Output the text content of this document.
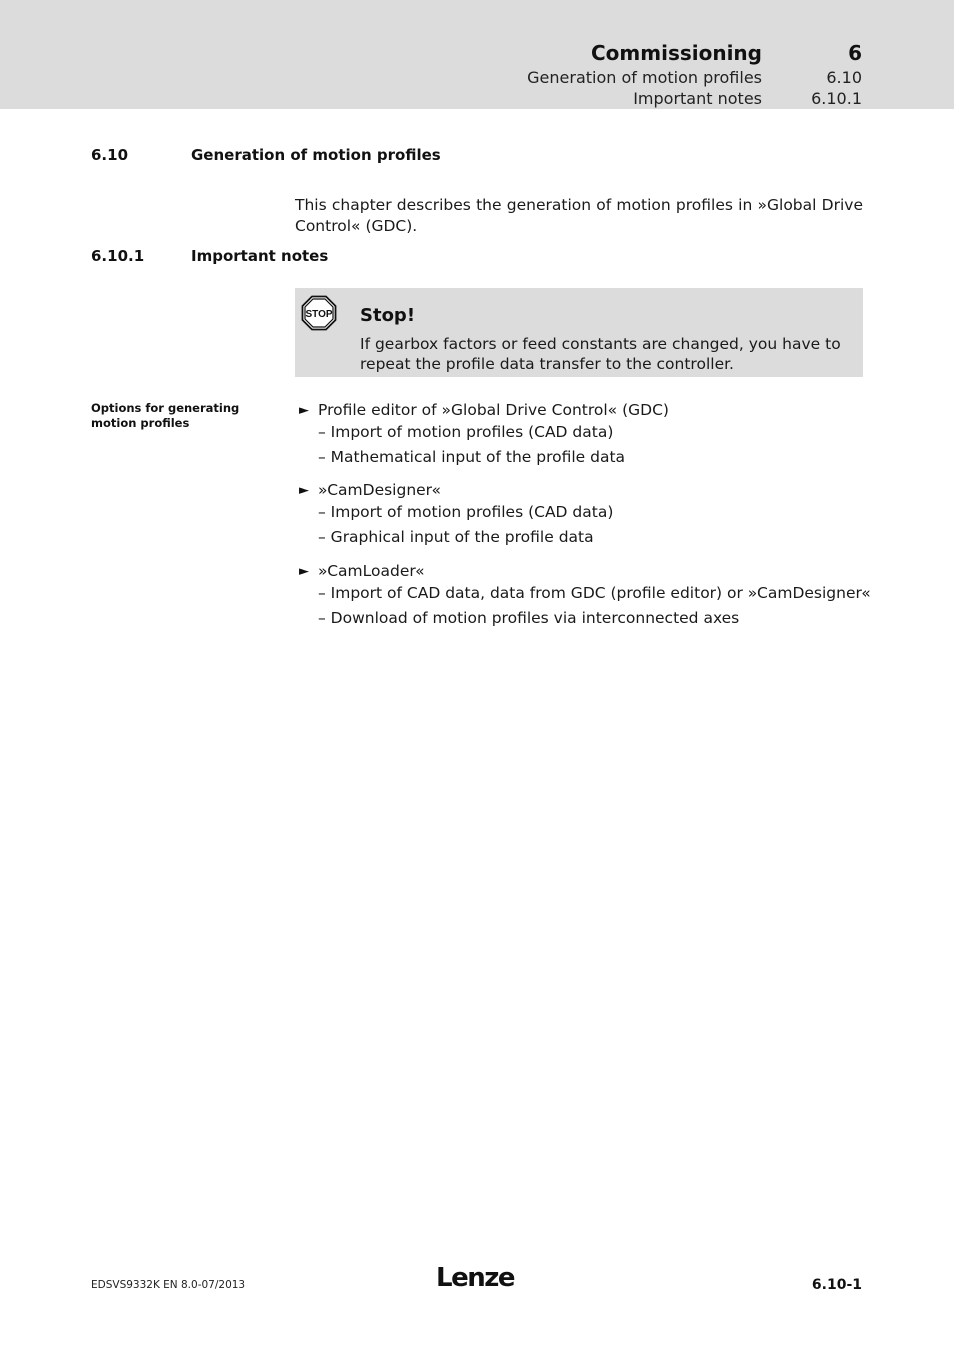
Commissioning	6
Generation of motion profiles	6.10
Important notes	6.10.1
6.10	Generation of motion profiles
This chapter describes the generation of motion profiles in »Global Drive Control« (GDC).
6.10.1	Important notes
STOP Stop!
If gearbox factors or feed constants are changed, you have to repeat the profile data transfer to the controller.
Options for generating motion profiles
► Profile editor of »Global Drive Control« (GDC)
– Import of motion profiles (CAD data)
– Mathematical input of the profile data
► »CamDesigner«
– Import of motion profiles (CAD data)
– Graphical input of the profile data
► »CamLoader«
– Import of CAD data, data from GDC (profile editor) or »CamDesigner«
– Download of motion profiles via interconnected axes
EDSVS9332K EN 8.0-07/2013	Lenze	6.10-1
